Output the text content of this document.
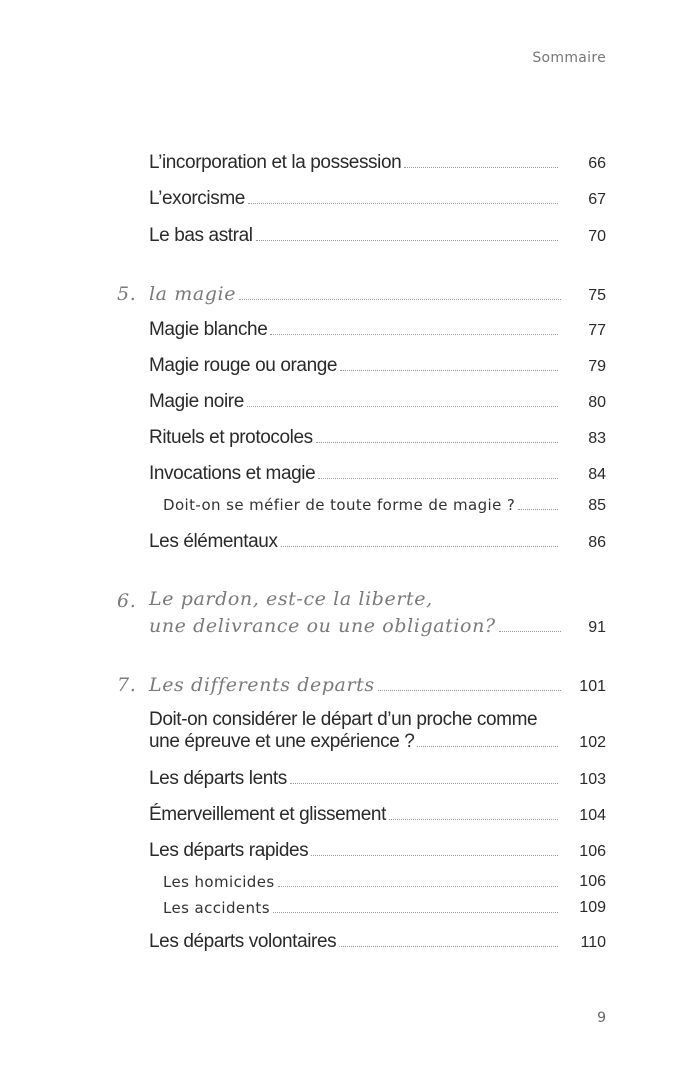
Sommaire
L’incorporation et la possession	66
L’exorcisme	67
Le bas astral	70
5. la magie	75
Magie blanche	77
Magie rouge ou orange	79
Magie noire	80
Rituels et protocoles	83
Invocations et magie	84
Doit-on se méfier de toute forme de magie ?	85
Les élémentaux	86
6. Le pardon, est-ce la liberte,
une delivrance ou une obligation?	91
7. Les differents departs	101
Doit-on considérer le départ d’un proche comme
une épreuve et une expérience ?	102
Les départs lents	103
Émerveillement et glissement	104
Les départs rapides	106
Les homicides	106
Les accidents	109
Les départs volontaires	110
9
